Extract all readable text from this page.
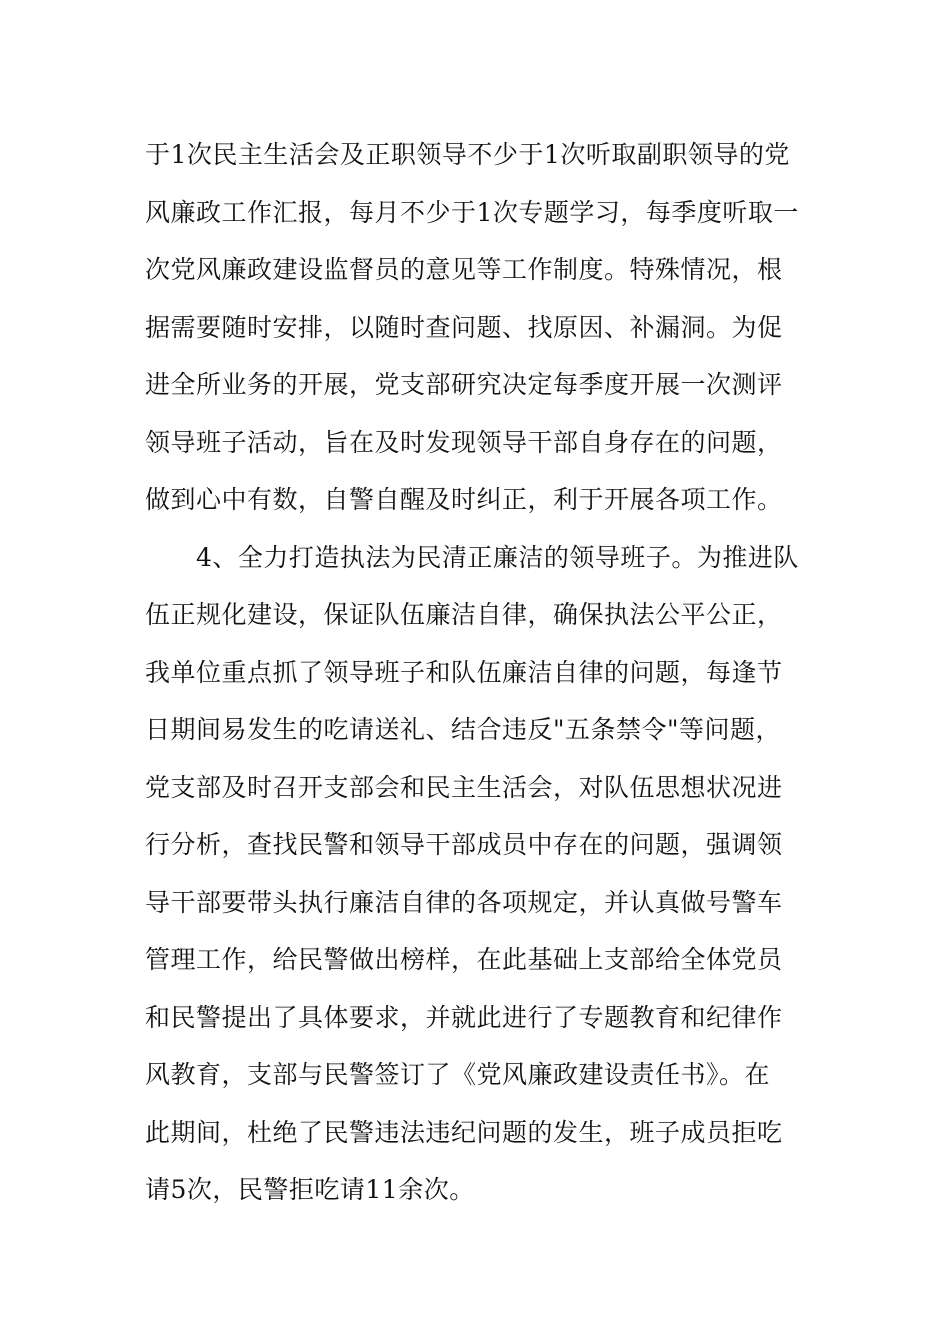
于1次民主生活会及正职领导不少于1次听取副职领导的党
风廉政工作汇报，每月不少于1次专题学习，每季度听取一
次党风廉政建设监督员的意见等工作制度。特殊情况，根
据需要随时安排，以随时查问题、找原因、补漏洞。为促
进全所业务的开展，党支部研究决定每季度开展一次测评
领导班子活动，旨在及时发现领导干部自身存在的问题，
做到心中有数，自警自醒及时纠正，利于开展各项工作。
　　4、全力打造执法为民清正廉洁的领导班子。为推进队
伍正规化建设，保证队伍廉洁自律，确保执法公平公正，
我单位重点抓了领导班子和队伍廉洁自律的问题，每逢节
日期间易发生的吃请送礼、结合违反"五条禁令"等问题，
党支部及时召开支部会和民主生活会，对队伍思想状况进
行分析，查找民警和领导干部成员中存在的问题，强调领
导干部要带头执行廉洁自律的各项规定，并认真做号警车
管理工作，给民警做出榜样，在此基础上支部给全体党员
和民警提出了具体要求，并就此进行了专题教育和纪律作
风教育，支部与民警签订了《党风廉政建设责任书》。在
此期间，杜绝了民警违法违纪问题的发生，班子成员拒吃
请5次，民警拒吃请11余次。
